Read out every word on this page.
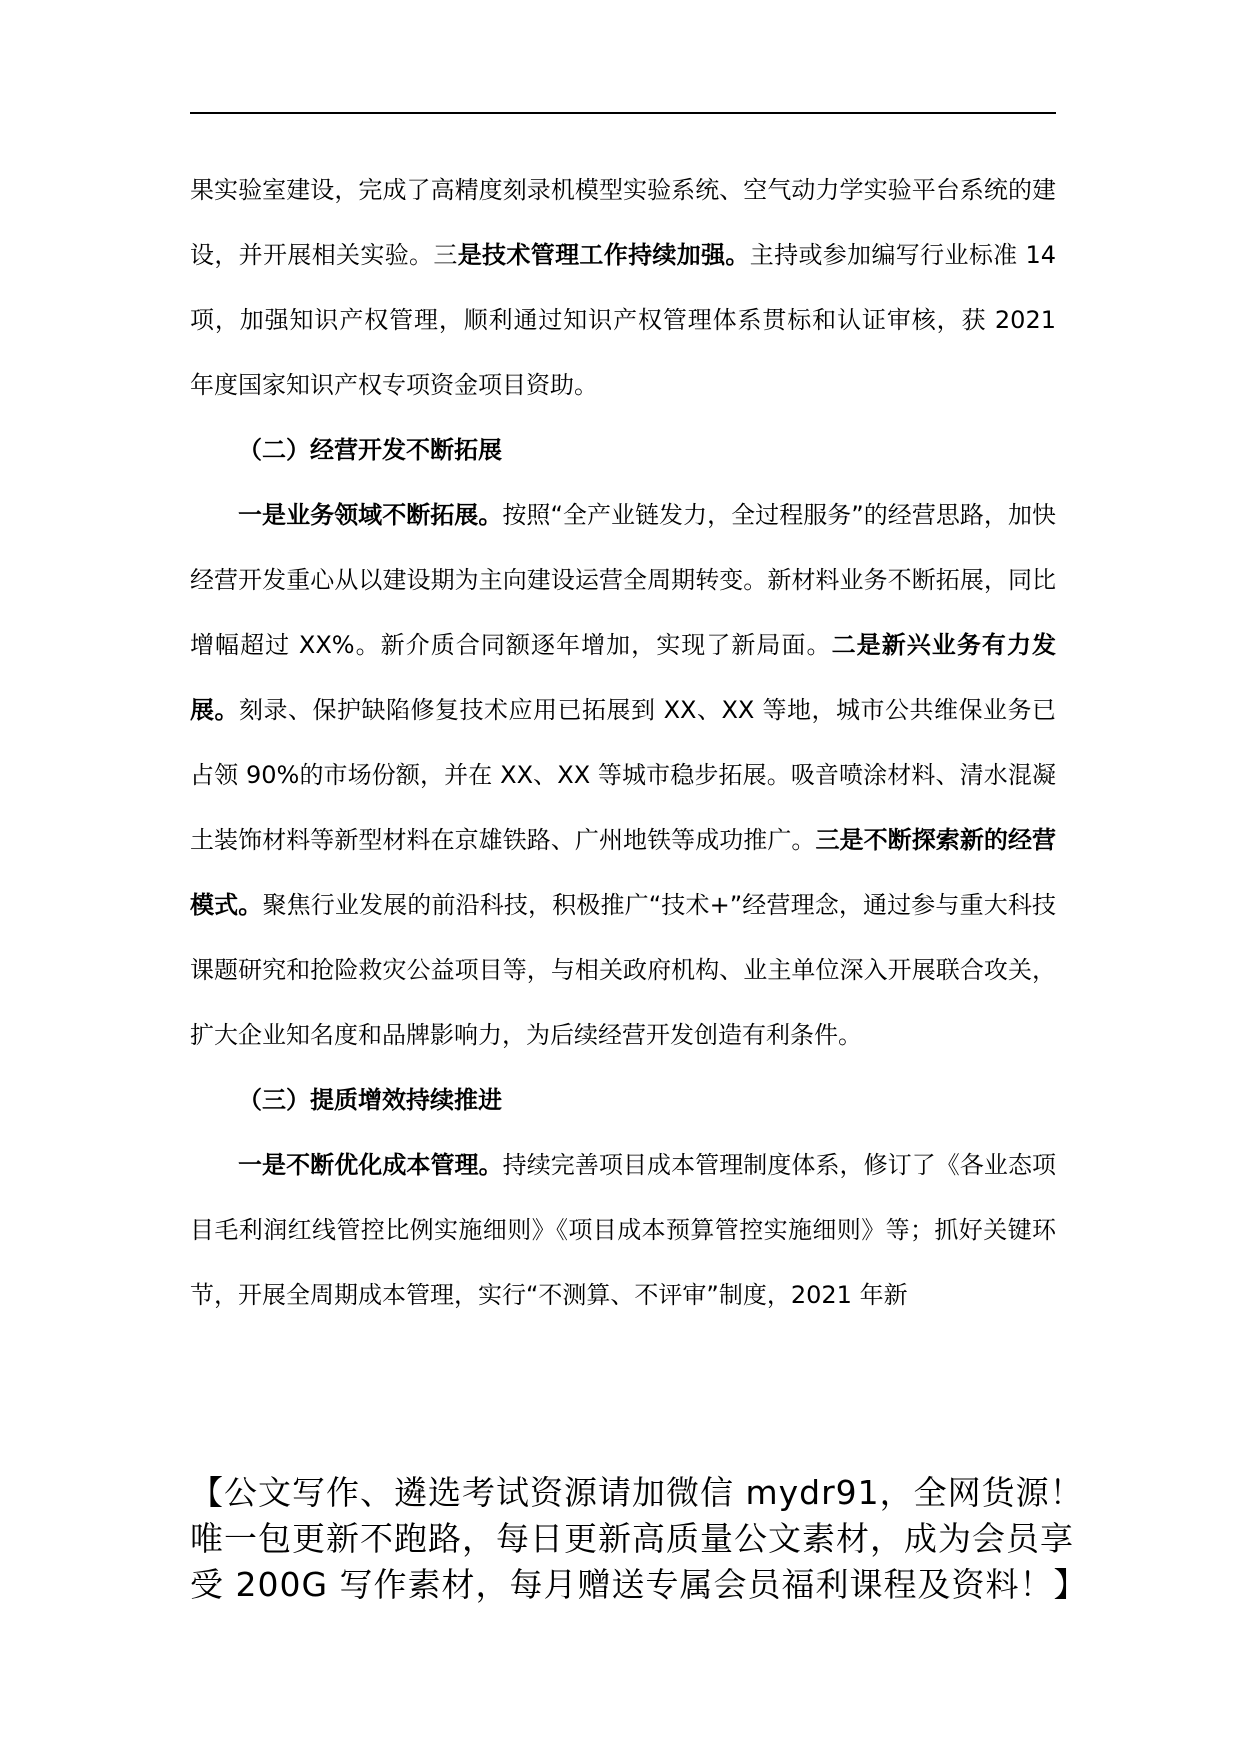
果实验室建设，完成了高精度刻录机模型实验系统、空气动力学实验平台系统的建设，并开展相关实验。三是技术管理工作持续加强。主持或参加编写行业标准 14 项，加强知识产权管理，顺利通过知识产权管理体系贯标和认证审核，获 2021 年度国家知识产权专项资金项目资助。

（二）经营开发不断拓展

一是业务领域不断拓展。按照“全产业链发力，全过程服务”的经营思路，加快经营开发重心从以建设期为主向建设运营全周期转变。新材料业务不断拓展，同比增幅超过 XX%。新介质合同额逐年增加，实现了新局面。二是新兴业务有力发展。刻录、保护缺陷修复技术应用已拓展到 XX、XX 等地，城市公共维保业务已占领 90%的市场份额，并在 XX、XX 等城市稳步拓展。吸音喷涂材料、清水混凝土装饰材料等新型材料在京雄铁路、广州地铁等成功推广。三是不断探索新的经营模式。聚焦行业发展的前沿科技，积极推广“技术+”经营理念，通过参与重大科技课题研究和抢险救灾公益项目等，与相关政府机构、业主单位深入开展联合攻关，扩大企业知名度和品牌影响力，为后续经营开发创造有利条件。

（三）提质增效持续推进

一是不断优化成本管理。持续完善项目成本管理制度体系，修订了《各业态项目毛利润红线管控比例实施细则》《项目成本预算管控实施细则》等；抓好关键环节，开展全周期成本管理，实行“不测算、不评审”制度，2021 年新

【公文写作、遴选考试资源请加微信 mydr91，全网货源！唯一包更新不跑路，每日更新高质量公文素材，成为会员享受 200G 写作素材，每月赠送专属会员福利课程及资料！】
